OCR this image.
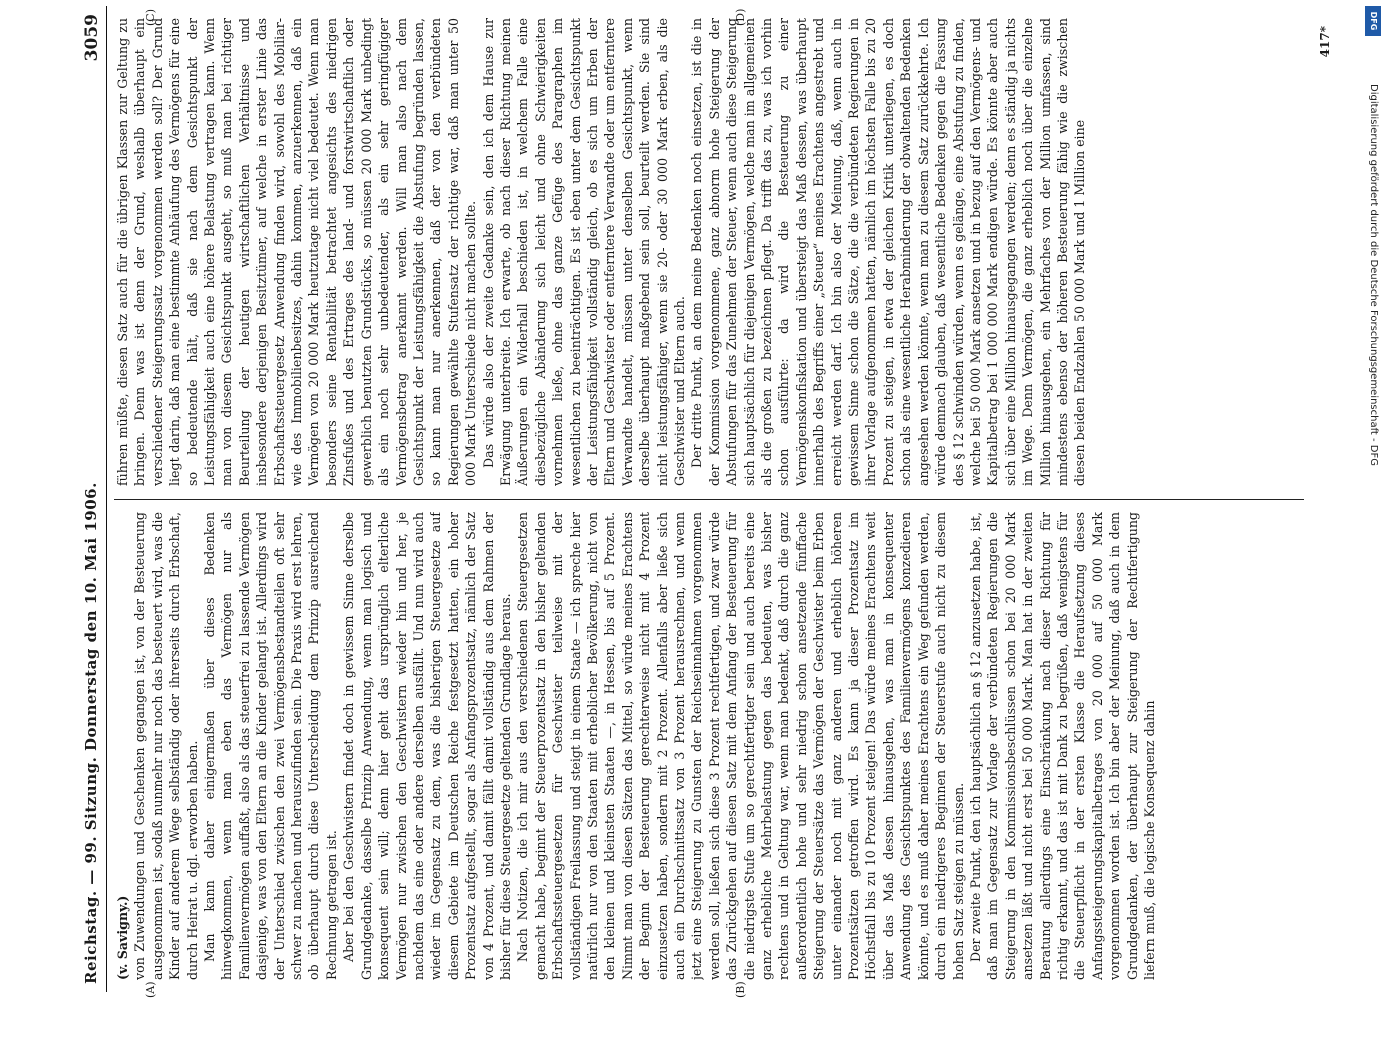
Reichstag. — 99. Sitzung. Donnerstag den 10. Mai 1906.
3059
(A)	(B)
(C)	(D)

(v. Savigny.) von Zuwendungen und Geschenken gegangen ist, von der Besteuerung ausgenommen ist, sodaß nunmehr nur noch das besteuert wird, was die Kinder auf anderem Wege selbständig oder ihrerseits durch Erbschaft, durch Heirat u. dgl. erworben haben. Man kann daher einigermaßen über dieses Bedenken hinwegkommen, wenn man eben das Vermögen nur als Familienvermögen auffaßt, also als das steuerfrei zu lassende Vermögen dasjenige, was von den Eltern an die Kinder gelangt ist. Allerdings wird der Unterschied zwischen den zwei Vermögensbestandteilen oft sehr schwer zu machen und herauszufinden sein. Die Praxis wird erst lehren, ob überhaupt durch diese Unterscheidung dem Prinzip ausreichend Rechnung getragen ist. Aber bei den Geschwistern findet doch in gewissem Sinne derselbe Grundgedanke, dasselbe Prinzip Anwendung, wenn man logisch und konsequent sein will; denn hier geht das ursprünglich elterliche Vermögen nur zwischen den Geschwistern wieder hin und her, je nachdem das eine oder andere derselben ausfällt. Und nun wird auch wieder im Gegensatz zu dem, was die bisherigen Steuergesetze auf diesem Gebiete im Deutschen Reiche festgesetzt hatten, ein hoher Prozentsatz aufgestellt, sogar als Anfangsprozentsatz, nämlich der Satz von 4 Prozent, und damit fällt damit vollständig aus dem Rahmen der bisher für diese Steuergesetze geltenden Grundlage heraus. Nach Notizen, die ich mir aus den verschiedenen Steuergesetzen gemacht habe, beginnt der Steuerprozentsatz in den bisher geltenden Erbschaftssteuergesetzen für Geschwister teilweise mit der vollständigen Freilassung und steigt in einem Staate — ich spreche hier natürlich nur von den Staaten mit erheblicher Bevölkerung, nicht von den kleinen und kleinsten Staaten —, in Hessen, bis auf 5 Prozent. Nimmt man von diesen Sätzen das Mittel, so würde meines Erachtens der Beginn der Besteuerung gerechterweise nicht mit 4 Prozent einzusetzen haben, sondern mit 2 Prozent. Allenfalls aber ließe sich auch ein Durchschnittssatz von 3 Prozent herausrechnen, und wenn jetzt eine Steigerung zu Gunsten der Reichseinnahmen vorgenommen werden soll, ließen sich diese 3 Prozent rechtfertigen, und zwar würde das Zurückgehen auf diesen Satz mit dem Anfang der Besteuerung für die niedrigste Stufe um so gerechtfertigter sein und auch bereits eine ganz erhebliche Mehrbelastung gegen das bedeuten, was bisher rechtens und in Geltung war, wenn man bedenkt, daß durch die ganz außerordentlich hohe und sehr niedrig schon ansetzende fünffache Steigerung der Steuersätze das Vermögen der Geschwister beim Erben unter einander noch mit ganz anderen und erheblich höheren Prozentsätzen getroffen wird. Es kann ja dieser Prozentsatz im Höchstfall bis zu 10 Prozent steigen! Das würde meines Erachtens weit über das Maß dessen hinausgehen, was man in konsequenter Anwendung des Gesichtspunktes des Familienvermögens konzedieren könnte, und es muß daher meines Erachtens ein Weg gefunden werden, durch ein niedrigeres Beginnen der Steuerstufe auch nicht zu diesem hohen Satz steigen zu müssen. Der zweite Punkt, den ich hauptsächlich an § 12 anzusetzen habe, ist, daß man im Gegensatz zur Vorlage der verbündeten Regierungen die Steigerung in den Kommissionsbeschlüssen schon bei 20 000 Mark ansetzen läßt und nicht erst bei 50 000 Mark. Man hat in der zweiten Beratung allerdings eine Einschränkung nach dieser Richtung für richtig erkannt, und das ist mit Dank zu begrüßen, daß wenigstens für die Steuerpflicht in der ersten Klasse die Heraufsetzung dieses Anfangssteigerungskapitalbetrages von 20 000 auf 50 000 Mark vorgenommen worden ist. Ich bin aber der Meinung, daß auch in dem Grundgedanken, der überhaupt zur Steigerung der Rechtfertigung liefern muß, die logische Konsequenz dahin

führen müßte, diesen Satz auch für die übrigen Klassen zur Geltung zu bringen. Denn was ist denn der Grund, weshalb überhaupt ein verschiedener Steigerungssatz vorgenommen werden soll? Der Grund liegt darin, daß man eine bestimmte Anhäufung des Vermögens für eine so bedeutende hält, daß sie nach dem Gesichtspunkt der Leistungsfähigkeit auch eine höhere Belastung vertragen kann. Wenn man von diesem Gesichtspunkt ausgeht, so muß man bei richtiger Beurteilung der heutigen wirtschaftlichen Verhältnisse und insbesondere derjenigen Besitztümer, auf welche in erster Linie das Erbschaftssteuergesetz Anwendung finden wird, sowohl des Mobiliar- wie des Immobilienbesitzes, dahin kommen, anzuerkennen, daß ein Vermögen von 20 000 Mark heutzutage nicht viel bedeutet. Wenn man besonders seine Rentabilität betrachtet angesichts des niedrigen Zinsfußes und des Ertrages des land- und forstwirtschaftlich oder gewerblich benutzten Grundstücks, so müssen 20 000 Mark unbedingt als ein noch sehr unbedeutender, als ein sehr geringfügiger Vermögensbetrag anerkannt werden. Will man also nach dem Gesichtspunkt der Leistungsfähigkeit die Abstufung begründen lassen, so kann man nur anerkennen, daß der von den verbündeten Regierungen gewählte Stufensatz der richtige war, daß man unter 50 000 Mark Unterschiede nicht machen sollte. Das würde also der zweite Gedanke sein, den ich dem Hause zur Erwägung unterbreite. Ich erwarte, ob nach dieser Richtung meinen Äußerungen ein Widerhall beschieden ist, in welchem Falle eine diesbezügliche Abänderung sich leicht und ohne Schwierigkeiten vornehmen ließe, ohne das ganze Gefüge des Paragraphen im wesentlichen zu beeinträchtigen. Es ist eben unter dem Gesichtspunkt der Leistungsfähigkeit vollständig gleich, ob es sich um Erben der Eltern und Geschwister oder entferntere Verwandte oder um entferntere Verwandte handelt, müssen unter denselben Gesichtspunkt, wenn derselbe überhaupt maßgebend sein soll, beurteilt werden. Sie sind nicht leistungsfähiger, wenn sie 20- oder 30 000 Mark erben, als die Geschwister und Eltern auch. Der dritte Punkt, an dem meine Bedenken noch einsetzen, ist die in der Kommission vorgenommene, ganz abnorm hohe Steigerung der Abstufungen für das Zunehmen der Steuer, wenn auch diese Steigerung sich hauptsächlich für diejenigen Vermögen, welche man im allgemeinen als die großen zu bezeichnen pflegt. Da trifft das zu, was ich vorhin schon ausführte: da wird die Besteuerung zu einer Vermögenskonfiskation und übersteigt das Maß dessen, was überhaupt innerhalb des Begriffs einer „Steuer“ meines Erachtens angestrebt und erreicht werden darf. Ich bin also der Meinung, daß, wenn auch in gewissem Sinne schon die Sätze, die die verbündeten Regierungen in ihrer Vorlage aufgenommen hatten, nämlich im höchsten Falle bis zu 20 Prozent zu steigen, in etwa der gleichen Kritik unterliegen, es doch schon als eine wesentliche Herabminderung der obwaltenden Bedenken angesehen werden könnte, wenn man zu diesem Satz zurückkehrte. Ich würde demnach glauben, daß wesentliche Bedenken gegen die Fassung des § 12 schwinden würden, wenn es gelänge, eine Abstufung zu finden, welche bei 50 000 Mark ansetzen und in bezug auf den Vermögens- und Kapitalbetrag bei 1 000 000 Mark endigen würde. Es könnte aber auch sich über eine Million hinausgegangen werden; denn es ständig ja nichts im Wege. Denn Vermögen, die ganz erheblich noch über die einzelne Million hinausgehen, ein Mehrfaches von der Million umfassen, sind mindestens ebenso der höheren Besteuerung fähig wie die zwischen diesen beiden Endzahlen 50 000 Mark und 1 Million eine

417*
DFG
Digitalisierung gefördert durch die Deutsche Forschungsgemeinschaft - DFG
